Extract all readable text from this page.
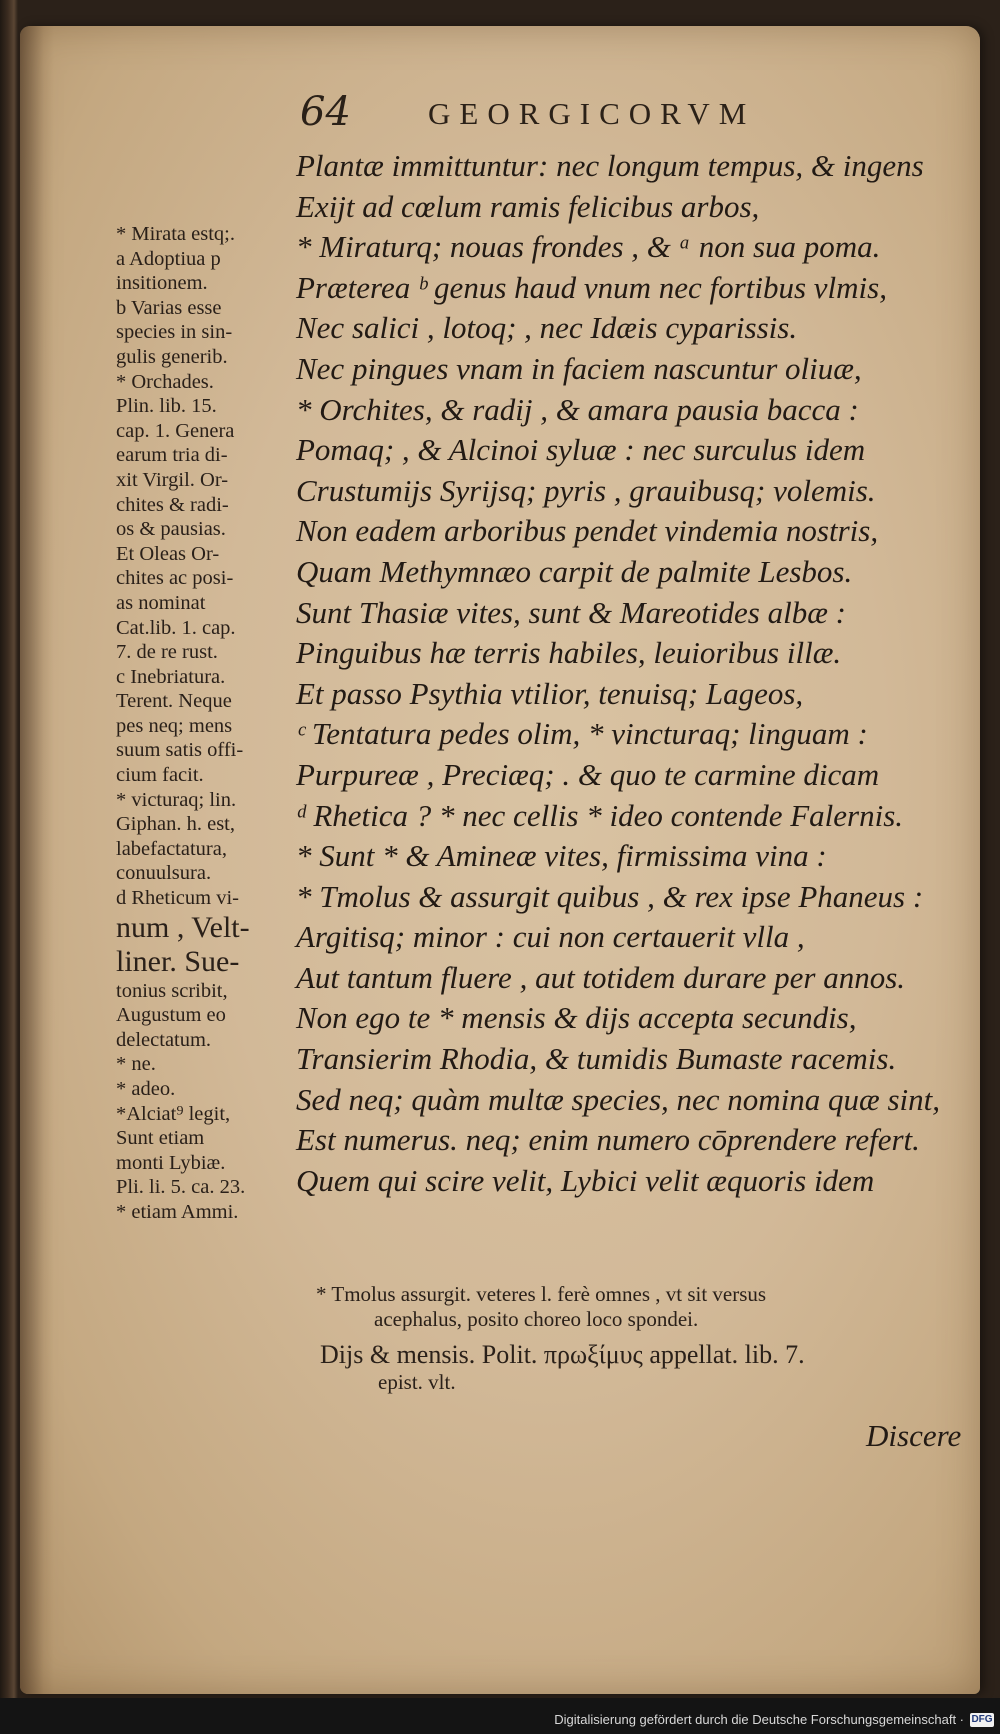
64 GEORGICORVM
* Mirata estq;.
a Adoptiua p
insitionem.
b Varias esse
species in sin-
gulis generib.
* Orchades.
Plin. lib. 15.
cap. 1. Genera
earum tria di-
xit Virgil. Or-
chites & radi-
os & pausias.
Et Oleas Or-
chites ac posi-
as nominat
Cat.lib. 1. cap.
7. de re rust.
c Inebriatura.
Terent. Neque
pes neq; mens
suum satis offi-
cium facit.
* victuraq; lin.
Giphan. h. est,
labefactatura,
conuulsura.
d Rheticum vi-
num , Velt-
liner. Sue-
tonius scribit,
Augustum eo
delectatum.
* ne.
* adeo.
*Alciat⁹ legit,
Sunt etiam
monti Lybiæ.
Pli. li. 5. ca. 23.
* etiam Ammi.
Plantæ immittuntur: nec longum tempus, & ingens
Exijt ad cœlum ramis felicibus arbos,
* Miraturq; nouas frondes , & ᵃ non sua poma.
Præterea ᵇ genus haud vnum nec fortibus vlmis,
Nec salici , lotoq; , nec Idæis cyparissis.
Nec pingues vnam in faciem nascuntur oliuæ,
* Orchites, & radij , & amara pausia bacca :
Pomaq; , & Alcinoi syluæ : nec surculus idem
Crustumijs Syrijsq; pyris , grauibusq; volemis.
Non eadem arboribus pendet vindemia nostris,
Quam Methymnæo carpit de palmite Lesbos.
Sunt Thasiæ vites, sunt & Mareotides albæ :
Pinguibus hæ terris habiles, leuioribus illæ.
Et passo Psythia vtilior, tenuisq; Lageos,
ᶜ Tentatura pedes olim, * vincturaq; linguam :
Purpureæ , Preciæq; . & quo te carmine dicam
ᵈ Rhetica ? * nec cellis * ideo contende Falernis.
* Sunt * & Amineæ vites, firmissima vina :
* Tmolus & assurgit quibus , & rex ipse Phaneus :
Argitisq; minor : cui non certauerit vlla ,
Aut tantum fluere , aut totidem durare per annos.
Non ego te * mensis & dijs accepta secundis,
Transierim Rhodia, & tumidis Bumaste racemis.
Sed neq; quàm multæ species, nec nomina quæ sint,
Est numerus. neq; enim numero cōprendere refert.
Quem qui scire velit, Lybici velit æquoris idem
* Tmolus assurgit. veteres l. ferè omnes , vt sit versus
acephalus, posito choreo loco spondei.
Dijs & mensis. Polit. πρωξίμυς appellat. lib. 7.
epist. vlt.
Discere
Digitalisierung gefördert durch die Deutsche Forschungsgemeinschaft · DFG
